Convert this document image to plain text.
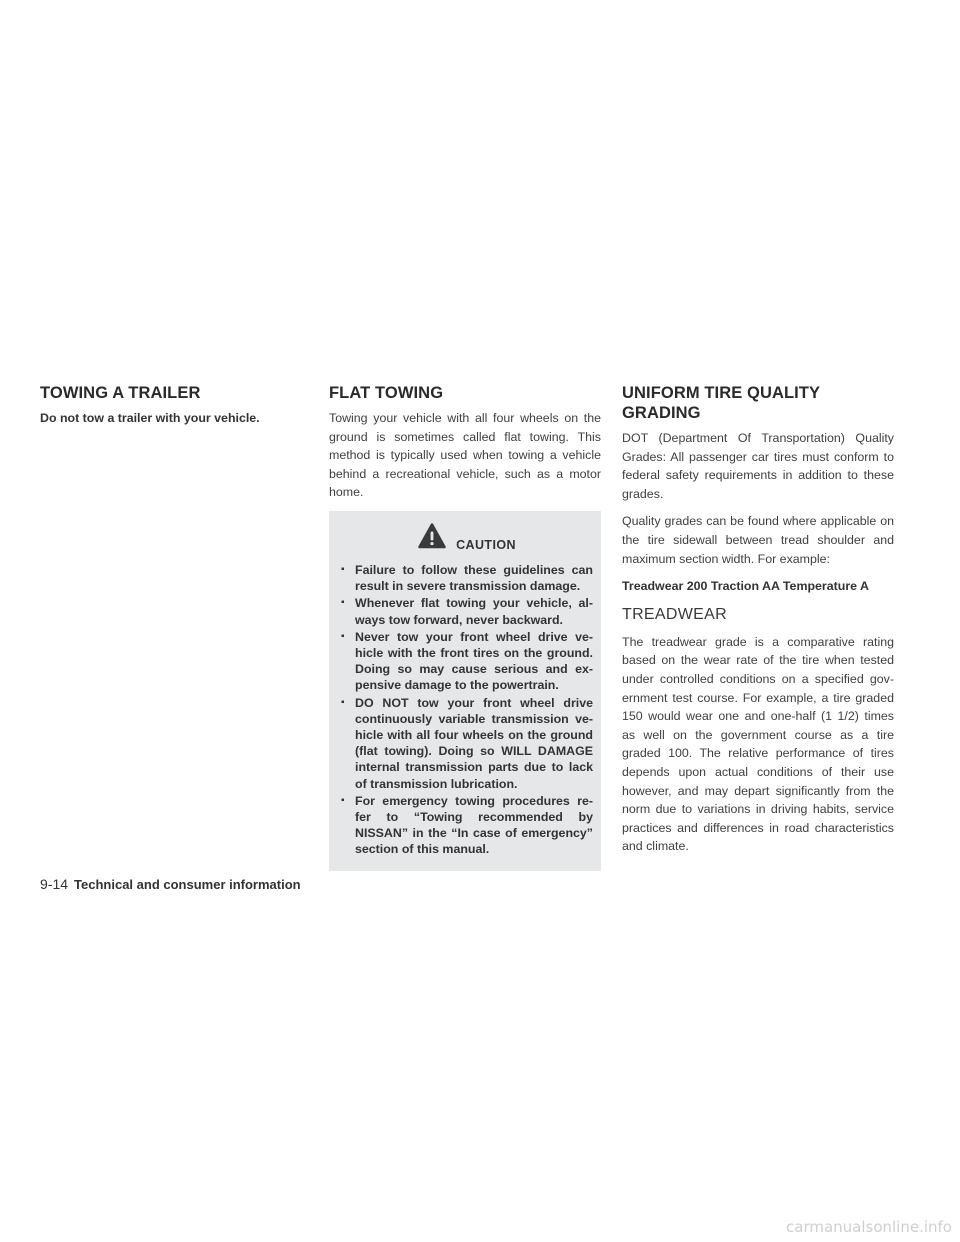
TOWING A TRAILER

Do not tow a trailer with your vehicle.

FLAT TOWING

Towing your vehicle with all four wheels on the ground is sometimes called flat towing. This method is typically used when towing a vehicle behind a recreational vehicle, such as a motor home.

CAUTION
▪ Failure to follow these guidelines can result in severe transmission damage.
▪ Whenever flat towing your vehicle, al- ways tow forward, never backward.
▪ Never tow your front wheel drive ve- hicle with the front tires on the ground. Doing so may cause serious and ex- pensive damage to the powertrain.
▪ DO NOT tow your front wheel drive continuously variable transmission ve- hicle with all four wheels on the ground (flat towing). Doing so WILL DAMAGE internal transmission parts due to lack of transmission lubrication.
▪ For emergency towing procedures re- fer to “Towing recommended by NISSAN” in the “In case of emergency” section of this manual.
UNIFORM TIRE QUALITY GRADING

DOT (Department Of Transportation) Quality Grades: All passenger car tires must conform to federal safety requirements in addition to these grades.

Quality grades can be found where applicable on the tire sidewall between tread shoulder and maximum section width. For example:

Treadwear 200 Traction AA Temperature A

TREADWEAR

The treadwear grade is a comparative rating based on the wear rate of the tire when tested under controlled conditions on a specified gov- ernment test course. For example, a tire graded 150 would wear one and one-half (1 1/2) times as well on the government course as a tire graded 100. The relative performance of tires depends upon actual conditions of their use however, and may depart significantly from the norm due to variations in driving habits, service practices and differences in road characteristics and climate.

9-14 Technical and consumer information
carmanualsonline.info
